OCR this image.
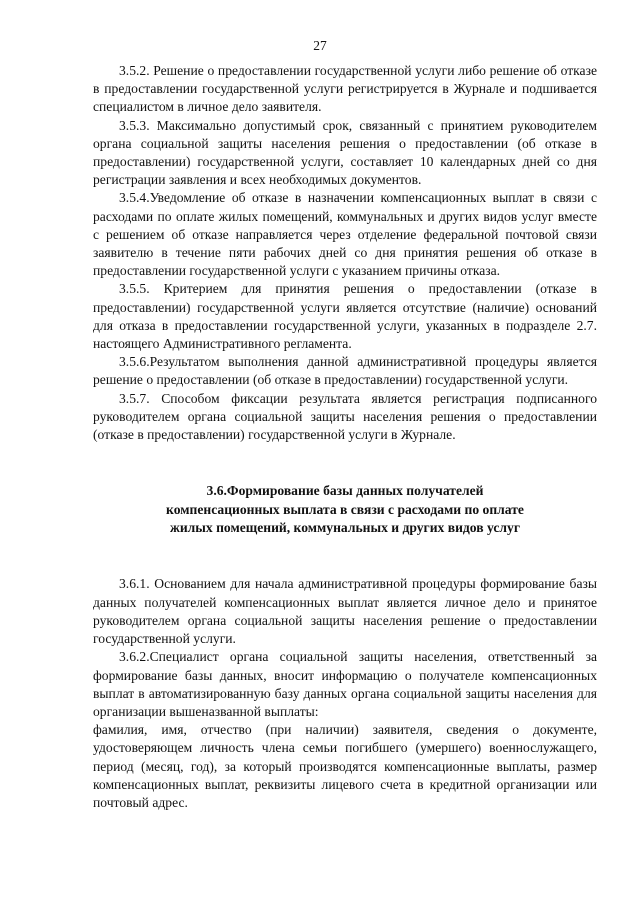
27

3.5.2. Решение о предоставлении государственной услуги либо решение об отказе в предоставлении государственной услуги регистрируется в Журнале и подшивается специалистом в личное дело заявителя.

3.5.3. Максимально допустимый срок, связанный с принятием руководителем органа социальной защиты населения решения о предоставлении (об отказе в предоставлении) государственной услуги, составляет 10 календарных дней со дня регистрации заявления и всех необходимых документов.

3.5.4.Уведомление об отказе в назначении компенсационных выплат в связи с расходами по оплате жилых помещений, коммунальных и других видов услуг вместе с решением об отказе направляется через отделение федеральной почтовой связи заявителю в течение пяти рабочих дней со дня принятия решения об отказе в предоставлении государственной услуги с указанием причины отказа.

3.5.5. Критерием для принятия решения о предоставлении (отказе в предоставлении) государственной услуги является отсутствие (наличие) оснований для отказа в предоставлении государственной услуги, указанных в подразделе 2.7. настоящего Административного регламента.

3.5.6.Результатом выполнения данной административной процедуры является решение о предоставлении (об отказе в предоставлении) государственной услуги.

3.5.7. Способом фиксации результата является регистрация подписанного руководителем органа социальной защиты населения решения о предоставлении (отказе в предоставлении) государственной услуги в Журнале.

3.6.Формирование базы данных получателей
компенсационных выплата в связи с расходами по оплате
жилых помещений, коммунальных и других видов услуг

3.6.1. Основанием для начала административной процедуры формирование базы данных получателей компенсационных выплат является личное дело и принятое руководителем органа социальной защиты населения решение о предоставлении государственной услуги.

3.6.2.Специалист органа социальной защиты населения, ответственный за формирование базы данных, вносит информацию о получателе компенсационных выплат в автоматизированную базу данных органа социальной защиты населения для организации вышеназванной выплаты:

фамилия, имя, отчество (при наличии) заявителя, сведения о документе, удостоверяющем личность члена семьи погибшего (умершего) военнослужащего, период (месяц, год), за который производятся компенсационные выплаты, размер компенсационных выплат, реквизиты лицевого счета в кредитной организации или почтовый адрес.
